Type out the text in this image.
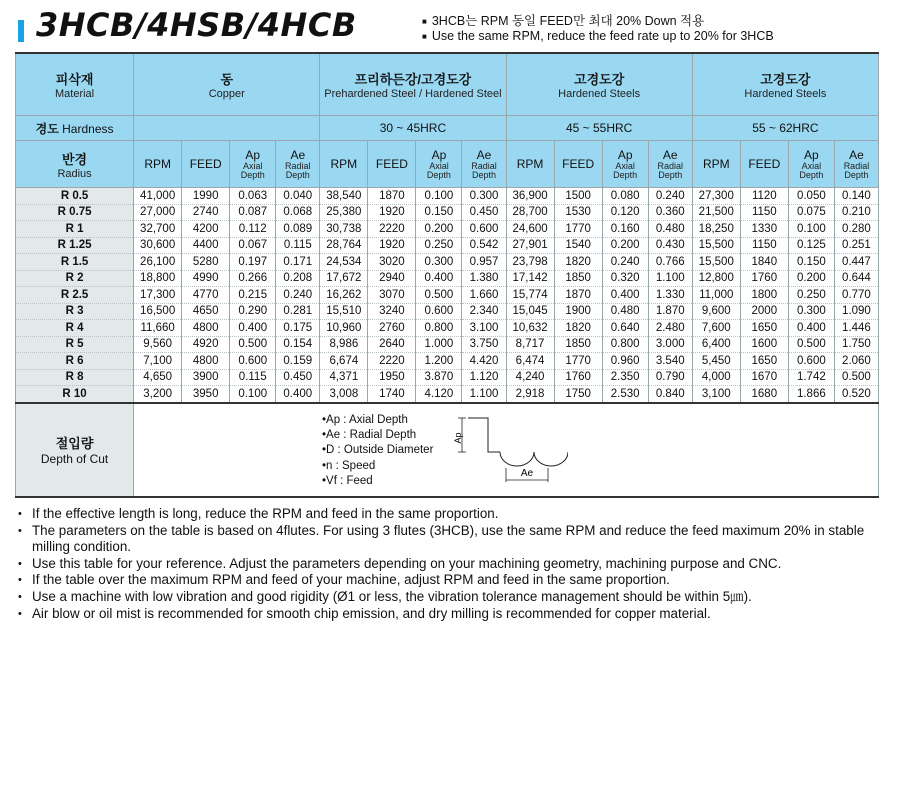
3HCB/4HSB/4HCB	■ 3HCB는 RPM 동일 FEED만 최대 20% Down 적용
■ Use the same RPM, reduce the feed rate up to 20% for 3HCB
피삭재
Material	동
Copper				프리하든강/고경도강
Prehardened Steel / Hardened Steel				고경도강
Hardened Steels				고경도강
Hardened Steels			

경도 Hardness					30 ~ 45HRC				45 ~ 55HRC				55 ~ 62HRC			

반경
Radius	RPM	FEED	Ap
Axial
Depth	Ae
Radial
Depth	RPM	FEED	Ap
Axial
Depth	Ae
Radial
Depth	RPM	FEED	Ap
Axial
Depth	Ae
Radial
Depth	RPM	FEED	Ap
Axial
Depth	Ae
Radial
Depth

R 0.5	41,000	1990	0.063	0.040	38,540	1870	0.100	0.300	36,900	1500	0.080	0.240	27,300	1120	0.050	0.140
R 0.75	27,000	2740	0.087	0.068	25,380	1920	0.150	0.450	28,700	1530	0.120	0.360	21,500	1150	0.075	0.210
R 1	32,700	4200	0.112	0.089	30,738	2220	0.200	0.600	24,600	1770	0.160	0.480	18,250	1330	0.100	0.280
R 1.25	30,600	4400	0.067	0.115	28,764	1920	0.250	0.542	27,901	1540	0.200	0.430	15,500	1150	0.125	0.251
R 1.5	26,100	5280	0.197	0.171	24,534	3020	0.300	0.957	23,798	1820	0.240	0.766	15,500	1840	0.150	0.447
R 2	18,800	4990	0.266	0.208	17,672	2940	0.400	1.380	17,142	1850	0.320	1.100	12,800	1760	0.200	0.644
R 2.5	17,300	4770	0.215	0.240	16,262	3070	0.500	1.660	15,774	1870	0.400	1.330	11,000	1800	0.250	0.770
R 3	16,500	4650	0.290	0.281	15,510	3240	0.600	2.340	15,045	1900	0.480	1.870	9,600	2000	0.300	1.090
R 4	11,660	4800	0.400	0.175	10,960	2760	0.800	3.100	10,632	1820	0.640	2.480	7,600	1650	0.400	1.446
R 5	9,560	4920	0.500	0.154	8,986	2640	1.000	3.750	8,717	1850	0.800	3.000	6,400	1600	0.500	1.750
R 6	7,100	4800	0.600	0.159	6,674	2220	1.200	4.420	6,474	1770	0.960	3.540	5,450	1650	0.600	2.060
R 8	4,650	3900	0.115	0.450	4,371	1950	3.870	1.120	4,240	1760	2.350	0.790	4,000	1670	1.742	0.500
R 10	3,200	3950	0.100	0.400	3,008	1740	4.120	1.100	2,918	1750	2.530	0.840	3,100	1680	1.866	0.520

절입량
Depth of Cut																
• Ap : Axial Depth
• Ae : Radial Depth
• D : Outside Diameter
• n : Speed
• Vf : Feed
Ap
Ae
• If the effective length is long, reduce the RPM and feed in the same proportion.
• The parameters on the table is based on 4flutes. For using 3 flutes (3HCB), use the same RPM and reduce the feed maximum 20% in stable milling condition.
• Use this table for your reference. Adjust the parameters depending on your machining geometry, machining purpose and CNC.
• If the table over the maximum RPM and feed of your machine, adjust RPM and feed in the same proportion.
• Use a machine with low vibration and good rigidity (Ø1 or less, the vibration tolerance management should be within 5㎛).
• Air blow or oil mist is recommended for smooth chip emission, and dry milling is recommended for copper material.
